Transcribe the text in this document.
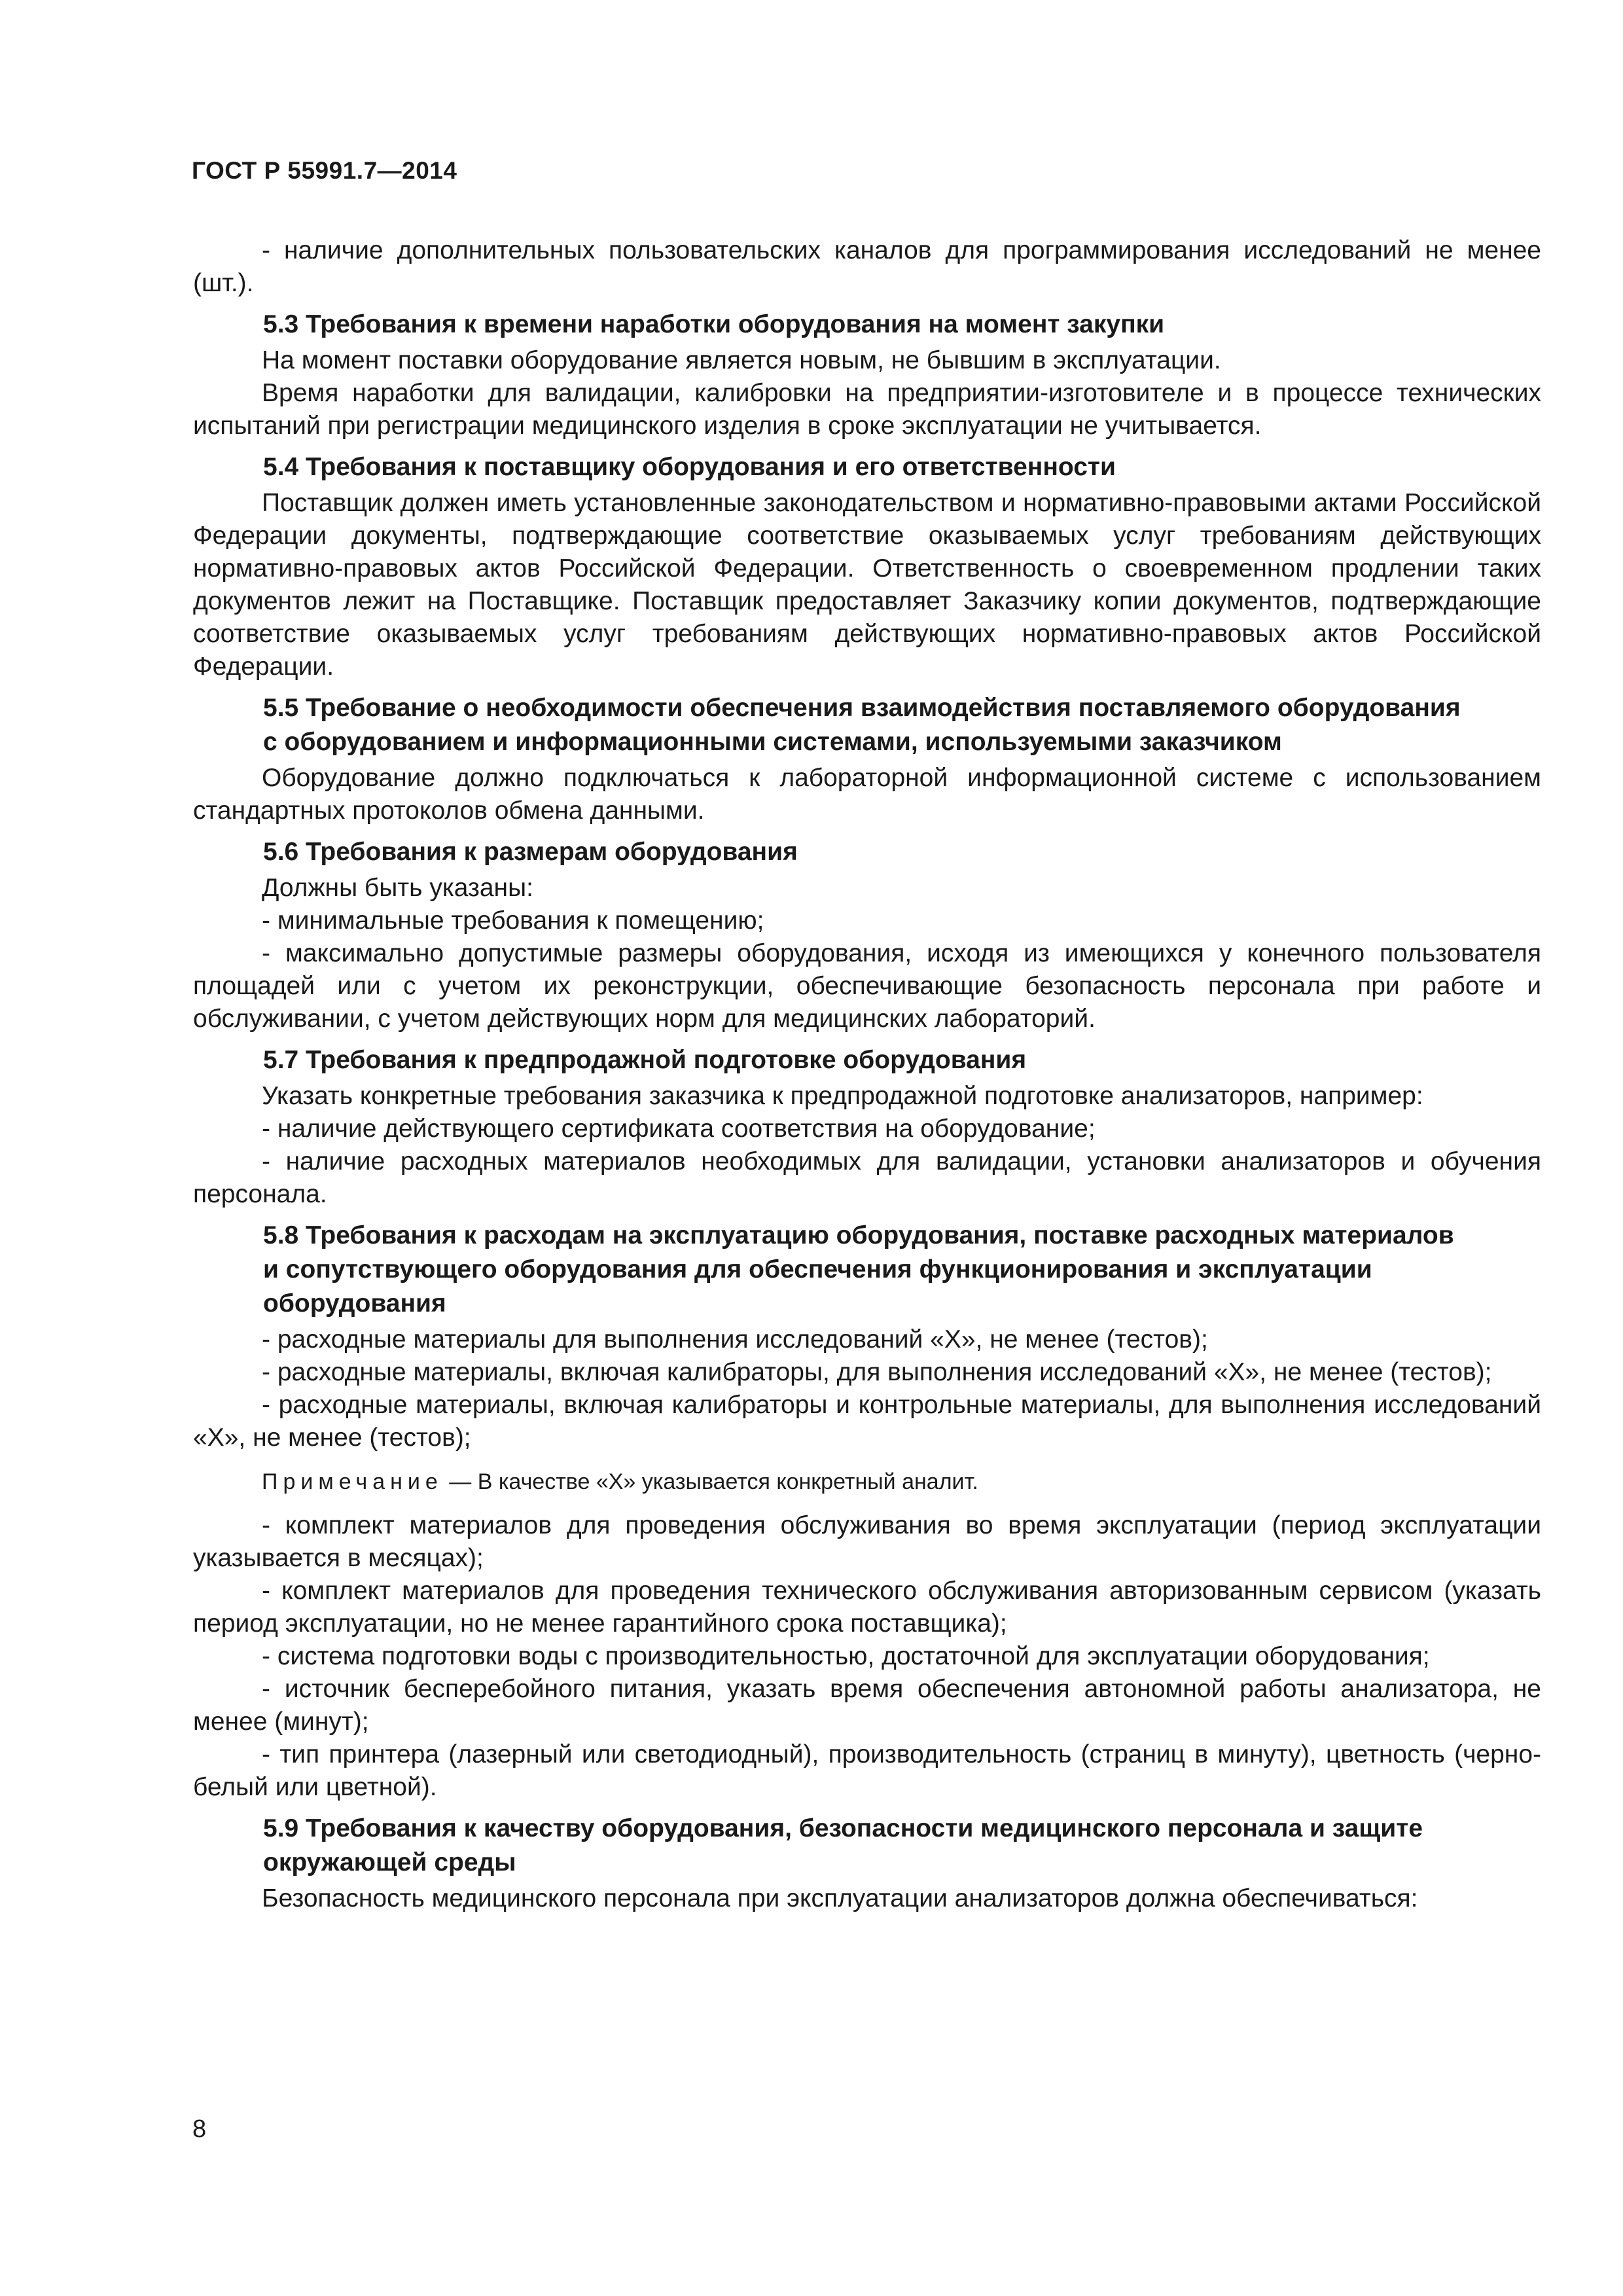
ГОСТ Р 55991.7—2014

- наличие дополнительных пользовательских каналов для программирования исследований не менее (шт.).

5.3 Требования к времени наработки оборудования на момент закупки

На момент поставки оборудование является новым, не бывшим в эксплуатации.

Время наработки для валидации, калибровки на предприятии-изготовителе и в процессе технических испытаний при регистрации медицинского изделия в сроке эксплуатации не учитывается.

5.4 Требования к поставщику оборудования и его ответственности

Поставщик должен иметь установленные законодательством и нормативно-правовыми актами Российской Федерации документы, подтверждающие соответствие оказываемых услуг требованиям действующих нормативно-правовых актов Российской Федерации. Ответственность о своевременном продлении таких документов лежит на Поставщике. Поставщик предоставляет Заказчику копии документов, подтверждающие соответствие оказываемых услуг требованиям действующих нормативно-правовых актов Российской Федерации.

5.5 Требование о необходимости обеспечения взаимодействия поставляемого оборудования с оборудованием и информационными системами, используемыми заказчиком

Оборудование должно подключаться к лабораторной информационной системе с использованием стандартных протоколов обмена данными.

5.6 Требования к размерам оборудования

Должны быть указаны:

- минимальные требования к помещению;

- максимально допустимые размеры оборудования, исходя из имеющихся у конечного пользователя площадей или с учетом их реконструкции, обеспечивающие безопасность персонала при работе и обслуживании, с учетом действующих норм для медицинских лабораторий.

5.7 Требования к предпродажной подготовке оборудования

Указать конкретные требования заказчика к предпродажной подготовке анализаторов, например:

- наличие действующего сертификата соответствия на оборудование;

- наличие расходных материалов необходимых для валидации, установки анализаторов и обучения персонала.

5.8 Требования к расходам на эксплуатацию оборудования, поставке расходных материалов и сопутствующего оборудования для обеспечения функционирования и эксплуатации оборудования

- расходные материалы для выполнения исследований «Х», не менее (тестов);

- расходные материалы, включая калибраторы, для выполнения исследований «Х», не менее (тестов);

- расходные материалы, включая калибраторы и контрольные материалы, для выполнения исследований «Х», не менее (тестов);

Примечание — В качестве «Х» указывается конкретный аналит.

- комплект материалов для проведения обслуживания во время эксплуатации (период эксплуатации указывается в месяцах);

- комплект материалов для проведения технического обслуживания авторизованным сервисом (указать период эксплуатации, но не менее гарантийного срока поставщика);

- система подготовки воды с производительностью, достаточной для эксплуатации оборудования;

- источник бесперебойного питания, указать время обеспечения автономной работы анализатора, не менее (минут);

- тип принтера (лазерный или светодиодный), производительность (страниц в минуту), цветность (черно-белый или цветной).

5.9 Требования к качеству оборудования, безопасности медицинского персонала и защите окружающей среды

Безопасность медицинского персонала при эксплуатации анализаторов должна обеспечиваться:

8
